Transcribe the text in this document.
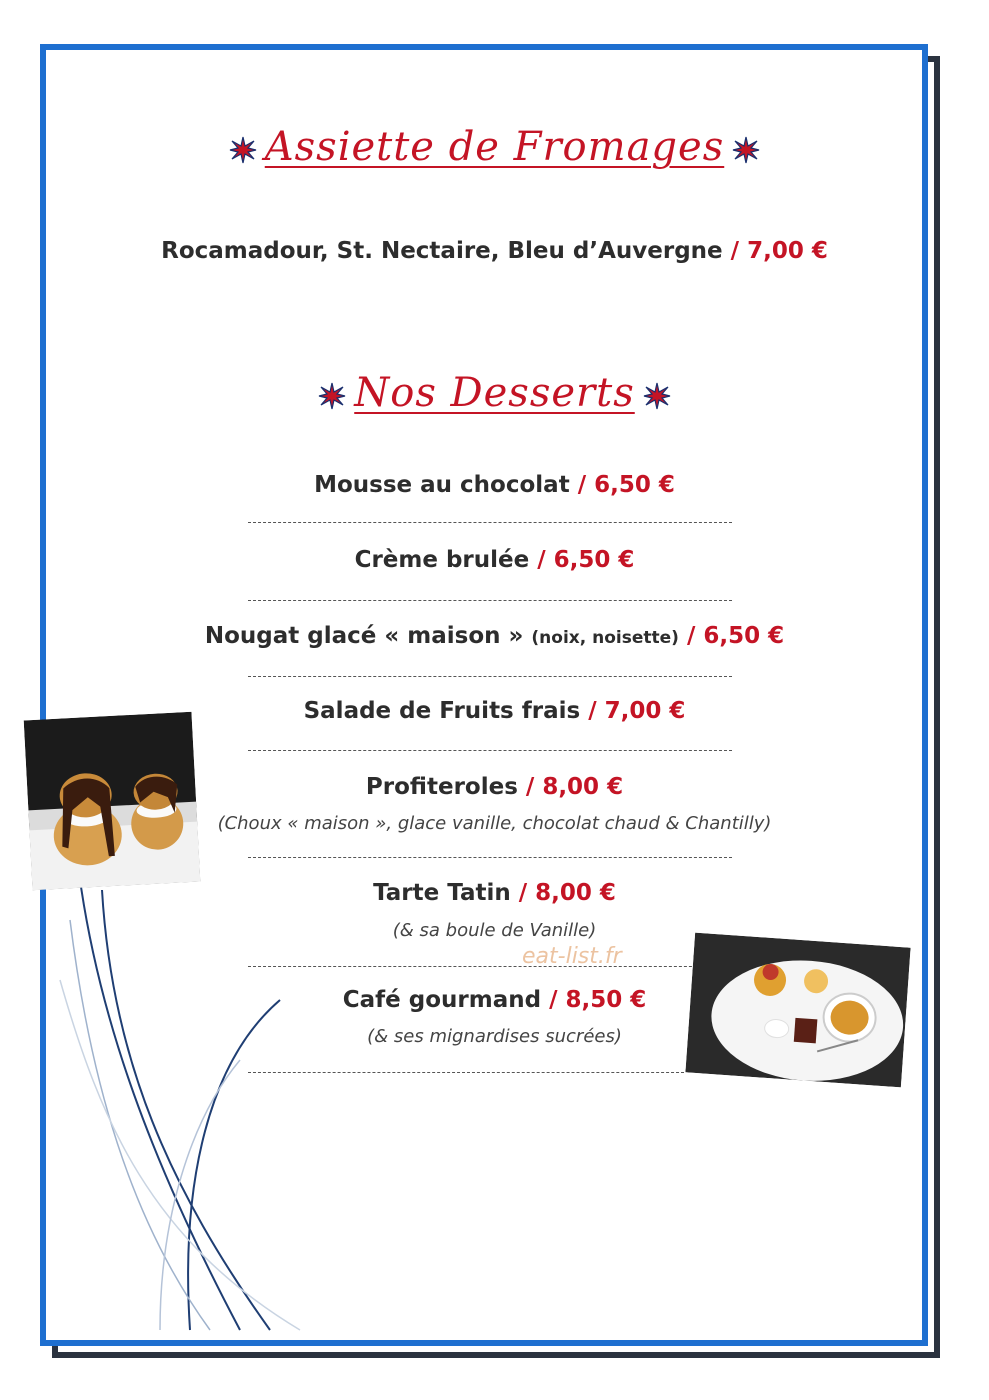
Assiette de Fromages
Rocamadour, St. Nectaire, Bleu d’Auvergne / 7,00 €
Nos Desserts
Mousse au chocolat / 6,50 €
Crème brulée / 6,50 €
Nougat glacé « maison » (noix, noisette) / 6,50 €
Salade de Fruits frais / 7,00 €
Profiteroles / 8,00 €
(Choux « maison », glace vanille, chocolat chaud & Chantilly)
Tarte Tatin / 8,00 €
(& sa boule de Vanille)
Café gourmand / 8,50 €
(& ses mignardises sucrées)
eat-list.fr
